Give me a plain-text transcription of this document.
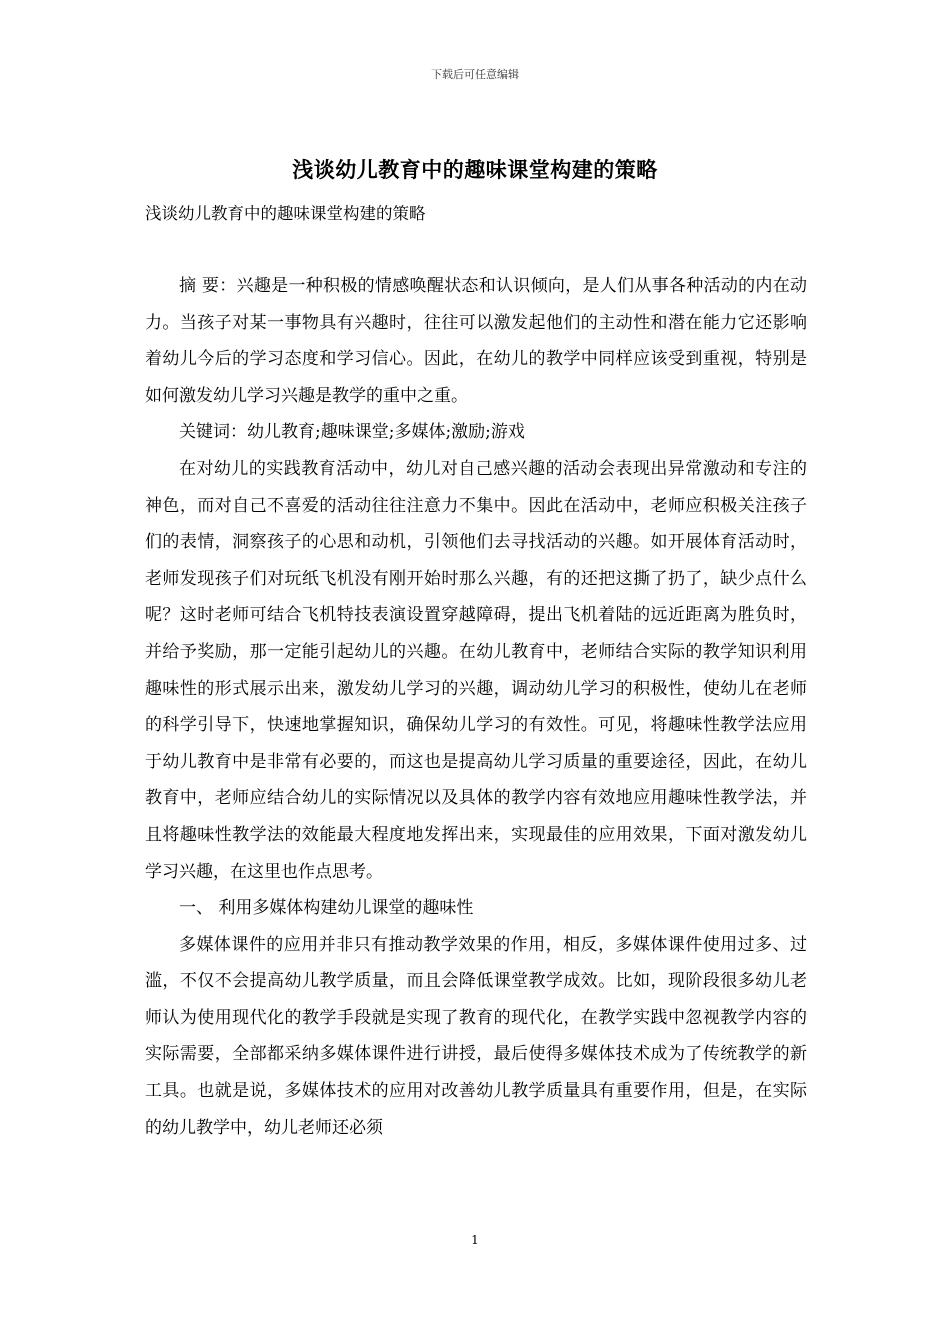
下载后可任意编辑
浅谈幼儿教育中的趣味课堂构建的策略
浅谈幼儿教育中的趣味课堂构建的策略

摘 要：兴趣是一种积极的情感唤醒状态和认识倾向，是人们从事各种活动的内在动力。当孩子对某一事物具有兴趣时，往往可以激发起他们的主动性和潜在能力它还影响着幼儿今后的学习态度和学习信心。因此，在幼儿的教学中同样应该受到重视，特别是如何激发幼儿学习兴趣是教学的重中之重。

关键词：幼儿教育;趣味课堂;多媒体;激励;游戏

在对幼儿的实践教育活动中，幼儿对自己感兴趣的活动会表现出异常激动和专注的神色，而对自己不喜爱的活动往往注意力不集中。因此在活动中，老师应积极关注孩子们的表情，洞察孩子的心思和动机，引领他们去寻找活动的兴趣。如开展体育活动时，老师发现孩子们对玩纸飞机没有刚开始时那么兴趣，有的还把这撕了扔了，缺少点什么呢？这时老师可结合飞机特技表演设置穿越障碍，提出飞机着陆的远近距离为胜负时，并给予奖励，那一定能引起幼儿的兴趣。在幼儿教育中，老师结合实际的教学知识利用趣味性的形式展示出来，激发幼儿学习的兴趣，调动幼儿学习的积极性，使幼儿在老师的科学引导下，快速地掌握知识，确保幼儿学习的有效性。可见，将趣味性教学法应用于幼儿教育中是非常有必要的，而这也是提高幼儿学习质量的重要途径，因此，在幼儿教育中，老师应结合幼儿的实际情况以及具体的教学内容有效地应用趣味性教学法，并且将趣味性教学法的效能最大程度地发挥出来，实现最佳的应用效果，下面对激发幼儿学习兴趣，在这里也作点思考。

一、 利用多媒体构建幼儿课堂的趣味性

多媒体课件的应用并非只有推动教学效果的作用，相反，多媒体课件使用过多、过滥，不仅不会提高幼儿教学质量，而且会降低课堂教学成效。比如，现阶段很多幼儿老师认为使用现代化的教学手段就是实现了教育的现代化，在教学实践中忽视教学内容的实际需要，全部都采纳多媒体课件进行讲授，最后使得多媒体技术成为了传统教学的新工具。也就是说，多媒体技术的应用对改善幼儿教学质量具有重要作用，但是，在实际的幼儿教学中，幼儿老师还必须

1
